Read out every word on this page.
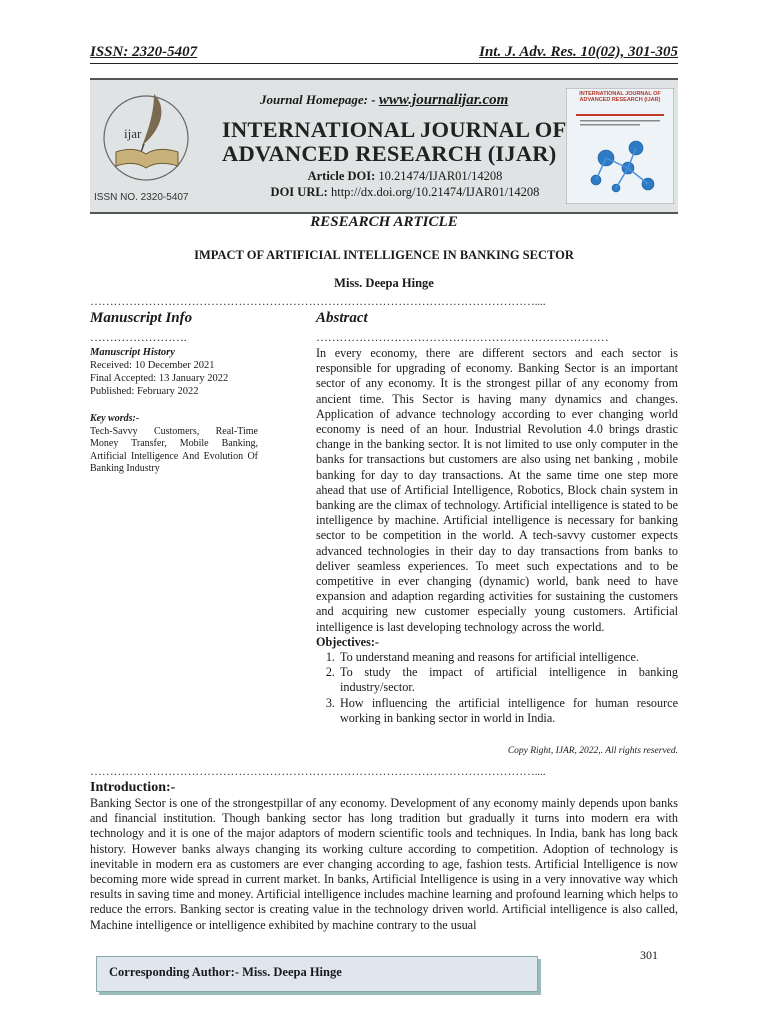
ISSN: 2320-5407	Int. J. Adv. Res. 10(02), 301-305
ijar
ISSN NO. 2320-5407
Journal Homepage: - www.journalijar.com
INTERNATIONAL JOURNAL OF ADVANCED RESEARCH (IJAR)
Article DOI: 10.21474/IJAR01/14208
DOI URL: http://dx.doi.org/10.21474/IJAR01/14208
INTERNATIONAL JOURNAL OF ADVANCED RESEARCH (IJAR)
RESEARCH ARTICLE
IMPACT OF ARTIFICIAL INTELLIGENCE IN BANKING SECTOR
Miss. Deepa Hinge
……………………………………………………………………………………………………....
Manuscript Info	Abstract
…………………….	…………………………………………………………………
Manuscript History
Received: 10 December 2021
Final Accepted: 13 January 2022
Published: February 2022
Key words:-
Tech-Savvy Customers, Real-Time Money Transfer, Mobile Banking, Artificial Intelligence And Evolution Of Banking Industry
In every economy, there are different sectors and each sector is responsible for upgrading of economy. Banking Sector is an important sector of any economy. It is the strongest pillar of any economy from ancient time. This Sector is having many dynamics and changes. Application of advance technology according to ever changing world economy is need of an hour. Industrial Revolution 4.0 brings drastic change in the banking sector. It is not limited to use only computer in the banks for transactions but customers are also using net banking , mobile banking for day to day transactions. At the same time one step more ahead that use of Artificial Intelligence, Robotics, Block chain system in banking are the climax of technology. Artificial intelligence is stated to be intelligence by machine. Artificial intelligence is necessary for banking sector to be competition in the world. A tech-savvy customer expects advanced technologies in their day to day transactions from banks to deliver seamless experiences. To meet such expectations and to be competitive in ever changing (dynamic) world, bank need to have expansion and adaption regarding activities for sustaining the customers and acquiring new customer especially young customers. Artificial intelligence is last developing technology across the world.
Objectives:-
1. To understand meaning and reasons for artificial intelligence.
2. To study the impact of artificial intelligence in banking industry/sector.
3. How influencing the artificial intelligence for human resource working in banking sector in world in India.
Copy Right, IJAR, 2022,. All rights reserved.
……………………………………………………………………………………………………....
Introduction:-
Banking Sector is one of the strongestpillar of any economy. Development of any economy mainly depends upon banks and financial institution. Though banking sector has long tradition but gradually it turns into modern era with technology and it is one of the major adaptors of modern scientific tools and techniques. In India, bank has long back history. However banks always changing its working culture according to competition. Adoption of technology is inevitable in modern era as customers are ever changing according to age, fashion tests. Artificial Intelligence is now becoming more wide spread in current market. In banks, Artificial Intelligence is using in a very innovative way which results in saving time and money. Artificial intelligence includes machine learning and profound learning which helps to reduce the errors. Banking sector is creating value in the technology driven world. Artificial intelligence is also called, Machine intelligence or intelligence exhibited by machine contrary to the usual
301
Corresponding Author:- Miss. Deepa Hinge
